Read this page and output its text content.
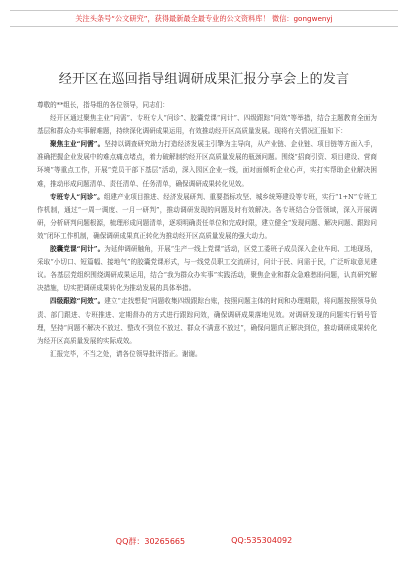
关注头条号“公文研究”，获得最新最全最专业的公文资料库！ 微信：gongwenyj
经开区在巡回指导组调研成果汇报分享会上的发言

尊敬的**组长，指导组的各位领导，同志们：

经开区通过聚焦主业“问需”、专班专人“问诊”、胶囊党课“问计”、四级跟踪“问效”等举措，结合主题教育全面为基层和群众办实事解难题，持续深化调研成果运用，有效推动经开区高质量发展。现将有关情况汇报如下：

聚焦主业“问需”。坚持以调查研究助力打造经济发展主引擎为主导向，从产业链、企业链、项目链等方面入手，准确把握企业发展中的难点痛点堵点，着力破解制约经开区高质量发展的瓶颈问题。围绕“招商引资、项目建设、营商环境”等重点工作，开展“党员干部下基层”活动，深入园区企业一线，面对面倾听企业心声，实打实帮助企业解决困难，推动形成问题清单、责任清单、任务清单，确保调研成果转化见效。

专班专人“问诊”。组建产业项目推进、经济发展研判、重要指标攻坚、城乡统筹建设等专班，实行“1+N”专班工作机制，通过“一周一调度、一月一研判”，推动调研发现的问题及时有效解决。各专班结合分管领域，深入开展调研，分析研判问题根源，梳理形成问题清单，逐项明确责任单位和完成时限，建立健全“发现问题、解决问题、跟踪问效”闭环工作机制，确保调研成果真正转化为推动经开区高质量发展的强大动力。

胶囊党课“问计”。为延伸调研触角，开展“生产一线上党课”活动，区党工委班子成员深入企业车间、工地现场，采取“小切口、短篇幅、接地气”的胶囊党课形式，与一线党员职工交流研讨，问计于民、问需于民，广泛听取意见建议。各基层党组织围绕调研成果运用，结合“我为群众办实事”实践活动，聚焦企业和群众急难愁盼问题，认真研究解决措施，切实把调研成果转化为推动发展的具体举措。

四级跟踪“问效”。建立“走找想促”问题收集四级跟踪台账，按照问题主体的时间和办理期限，将问题按照领导负责、部门跟进、专班推进、定期督办的方式进行跟踪问效，确保调研成果落地见效。对调研发现的问题实行销号管理，坚持“问题不解决不放过、整改不到位不放过、群众不满意不放过”，确保问题真正解决到位，推动调研成果转化为经开区高质量发展的实际成效。

汇报完毕，不当之处，请各位领导批评指正。谢谢。

QQ群：30265665	QQ:535304092
